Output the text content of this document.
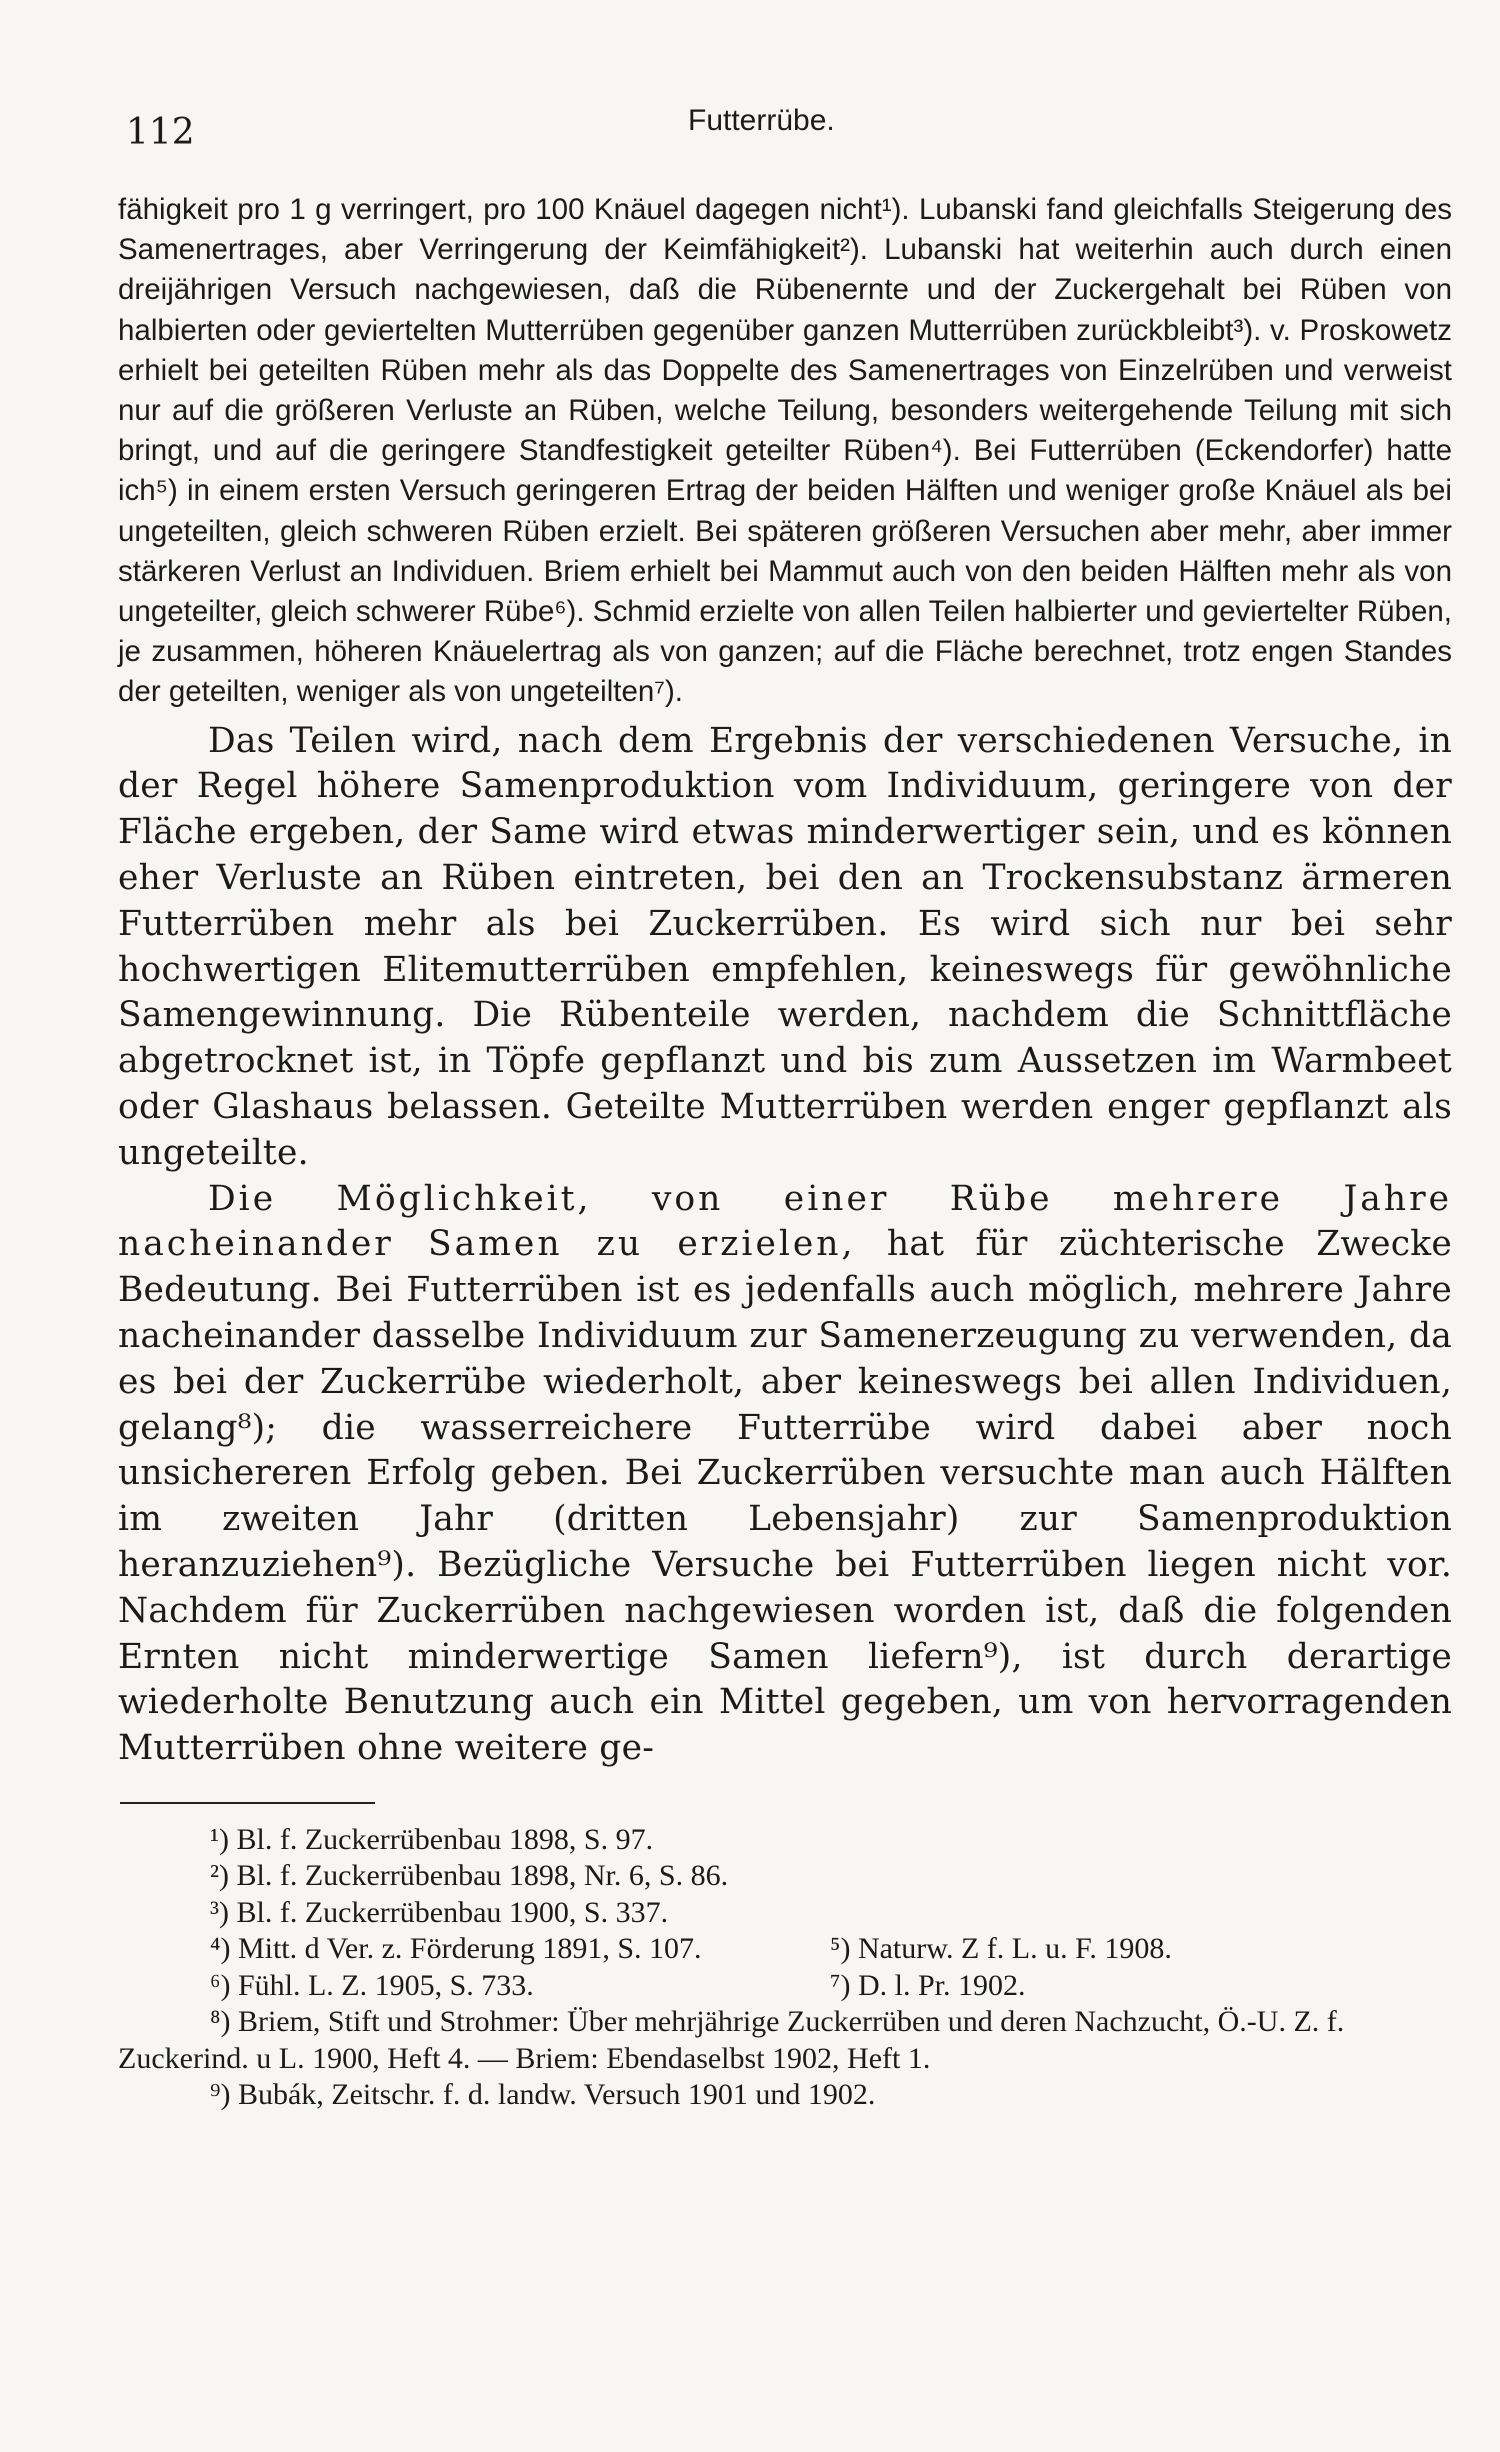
112	Futterrübe.

fähigkeit pro 1 g verringert, pro 100 Knäuel dagegen nicht¹). Lubanski fand gleichfalls Steigerung des Samenertrages, aber Verringerung der Keimfähigkeit²). Lubanski hat weiterhin auch durch einen dreijährigen Versuch nachgewiesen, daß die Rübenernte und der Zuckergehalt bei Rüben von halbierten oder geviertelten Mutterrüben gegenüber ganzen Mutterrüben zurückbleibt³). v. Proskowetz erhielt bei geteilten Rüben mehr als das Doppelte des Samenertrages von Einzelrüben und verweist nur auf die größeren Verluste an Rüben, welche Teilung, besonders weitergehende Teilung mit sich bringt, und auf die geringere Standfestigkeit geteilter Rüben⁴). Bei Futterrüben (Eckendorfer) hatte ich⁵) in einem ersten Versuch geringeren Ertrag der beiden Hälften und weniger große Knäuel als bei ungeteilten, gleich schweren Rüben erzielt. Bei späteren größeren Versuchen aber mehr, aber immer stärkeren Verlust an Individuen. Briem erhielt bei Mammut auch von den beiden Hälften mehr als von ungeteilter, gleich schwerer Rübe⁶). Schmid erzielte von allen Teilen halbierter und geviertelter Rüben, je zusammen, höheren Knäuelertrag als von ganzen; auf die Fläche berechnet, trotz engen Standes der geteilten, weniger als von ungeteilten⁷).

Das Teilen wird, nach dem Ergebnis der verschiedenen Versuche, in der Regel höhere Samenproduktion vom Individuum, geringere von der Fläche ergeben, der Same wird etwas minderwertiger sein, und es können eher Verluste an Rüben eintreten, bei den an Trockensubstanz ärmeren Futterrüben mehr als bei Zuckerrüben. Es wird sich nur bei sehr hochwertigen Elitemutterrüben empfehlen, keineswegs für gewöhnliche Samengewinnung. Die Rübenteile werden, nachdem die Schnittfläche abgetrocknet ist, in Töpfe gepflanzt und bis zum Aussetzen im Warmbeet oder Glashaus belassen. Geteilte Mutterrüben werden enger gepflanzt als ungeteilte.

Die Möglichkeit, von einer Rübe mehrere Jahre nacheinander Samen zu erzielen, hat für züchterische Zwecke Bedeutung. Bei Futterrüben ist es jedenfalls auch möglich, mehrere Jahre nacheinander dasselbe Individuum zur Samenerzeugung zu verwenden, da es bei der Zuckerrübe wiederholt, aber keineswegs bei allen Individuen, gelang⁸); die wasserreichere Futterrübe wird dabei aber noch unsichereren Erfolg geben. Bei Zuckerrüben versuchte man auch Hälften im zweiten Jahr (dritten Lebensjahr) zur Samenproduktion heranzuziehen⁹). Bezügliche Versuche bei Futterrüben liegen nicht vor. Nachdem für Zuckerrüben nachgewiesen worden ist, daß die folgenden Ernten nicht minderwertige Samen liefern⁹), ist durch derartige wiederholte Benutzung auch ein Mittel gegeben, um von hervorragenden Mutterrüben ohne weitere ge-

¹) Bl. f. Zuckerrübenbau 1898, S. 97.
²) Bl. f. Zuckerrübenbau 1898, Nr. 6, S. 86.
³) Bl. f. Zuckerrübenbau 1900, S. 337.
⁴) Mitt. d Ver. z. Förderung 1891, S. 107.	⁵) Naturw. Z f. L. u. F. 1908.
⁶) Fühl. L. Z. 1905, S. 733.	⁷) D. l. Pr. 1902.

⁸) Briem, Stift und Strohmer: Über mehrjährige Zuckerrüben und deren Nachzucht, Ö.-U. Z. f. Zuckerind. u L. 1900, Heft 4. — Briem: Ebendaselbst 1902, Heft 1.

⁹) Bubák, Zeitschr. f. d. landw. Versuch 1901 und 1902.
